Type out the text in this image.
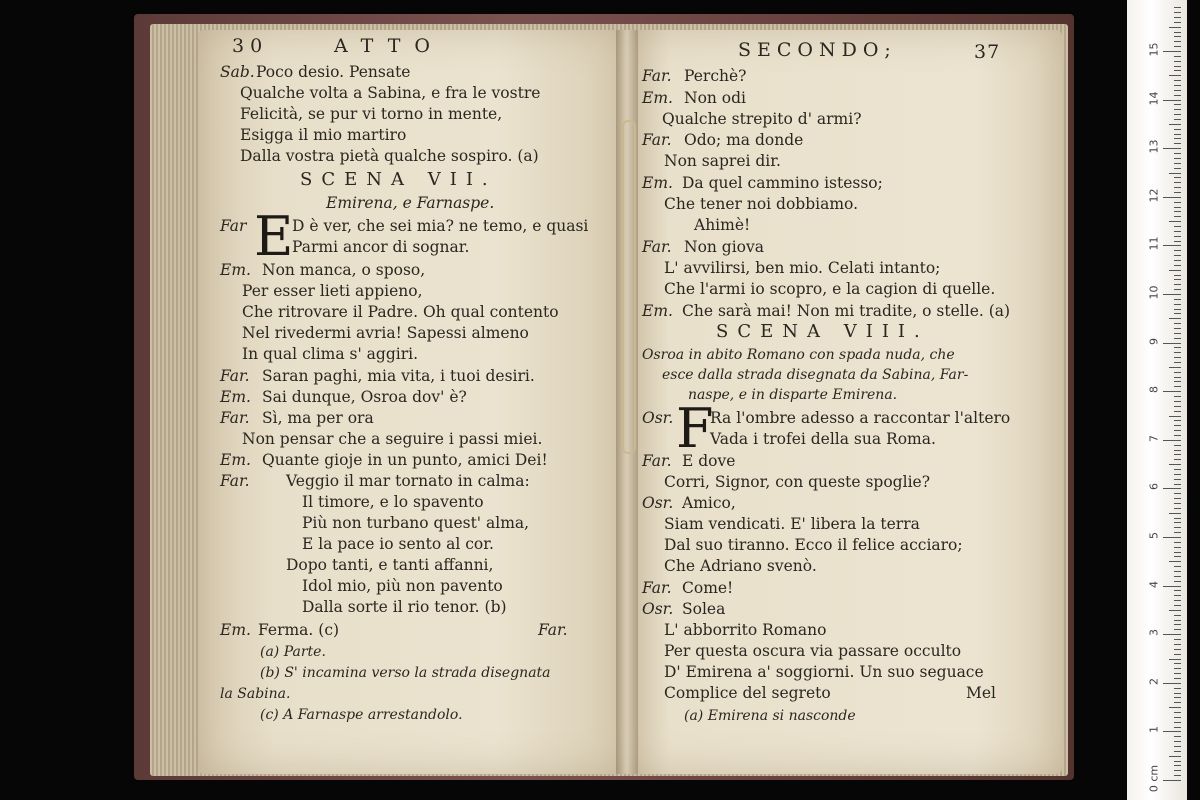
30	ATTO
Sab. Poco desio. Pensate
Qualche volta a Sabina, e fra le vostre
Felicità, se pur vi torno in mente,
Esigga il mio martiro
Dalla vostra pietà qualche sospiro. (a)
SCENA VII.
Emirena, e Farnaspe.
Far E
D è ver, che sei mia? ne temo, e quasi
Parmi ancor di sognar.
Em. Non manca, o sposo,
Per esser lieti appieno,
Che ritrovare il Padre. Oh qual contento
Nel rivedermi avria! Sapessi almeno
In qual clima s' aggiri.
Far. Saran paghi, mia vita, i tuoi desiri.
Em. Sai dunque, Osroa dov' è?
Far. Sì, ma per ora
Non pensar che a seguire i passi miei.
Em. Quante gioje in un punto, amici Dei!
Far. Veggio il mar tornato in calma:
Il timore, e lo spavento
Più non turbano quest' alma,
E la pace io sento al cor.
Dopo tanti, e tanti affanni,
Idol mio, più non pavento
Dalla sorte il rio tenor. (b)
Em. Ferma. (c)	Far.
(a) Parte.
(b) S' incamina verso la strada disegnata
la Sabina.
(c) A Farnaspe arrestandolo.
SECONDO;	37
Far. Perchè?
Em. Non odi
Qualche strepito d' armi?
Far. Odo; ma donde
Non saprei dir.
Em. Da quel cammino istesso;
Che tener noi dobbiamo.
Ahimè!
Far. Non giova
L' avvilirsi, ben mio. Celati intanto;
Che l'armi io scopro, e la cagion di quelle.
Em. Che sarà mai! Non mi tradite, o stelle. (a)
SCENA VIII.
Osroa in abito Romano con spada nuda, che
esce dalla strada disegnata da Sabina, Far-
naspe, e in disparte Emirena.
Osr. F
Ra l'ombre adesso a raccontar l'altero
Vada i trofei della sua Roma.
Far. E dove
Corri, Signor, con queste spoglie?
Osr. Amico,
Siam vendicati. E' libera la terra
Dal suo tiranno. Ecco il felice acciaro;
Che Adriano svenò.
Far. Come!
Osr. Solea
L' abborrito Romano
Per questa oscura via passare occulto
D' Emirena a' soggiorni. Un suo seguace
Complice del segreto	Mel
(a) Emirena si nasconde
0 cm
1
2
3
4
5
6
7
8
9
10
11
12
13
14
15
